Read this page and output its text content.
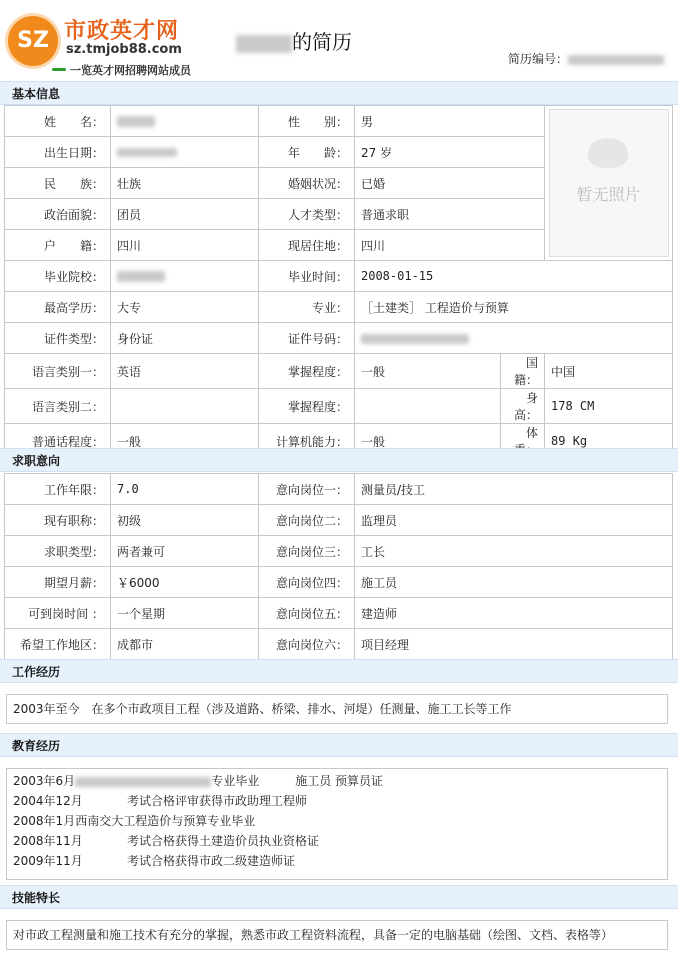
SZ 市政英才网
sz.tmjob88.com
一览英才网招聘网站成员
的简历
简历编号：
基本信息
姓　　名：		性　　别：	男		暂无照片

出生日期：		年　　龄：	27 岁		
民　　族：	壮族	婚姻状况：	已婚		
政治面貌：	团员	人才类型：	普通求职		
户　　籍：	四川	现居住地：	四川		
毕业院校：		毕业时间：	2008-01-15		
最高学历：	大专	专业：	［土建类］ 工程造价与预算		
证件类型：	身份证	证件号码：			
语言类别一：	英语	掌握程度：	一般	国籍：	中国
语言类别二：		掌握程度：		身高：	178 CM
普通话程度：	一般	计算机能力：	一般	体	89 Kg
求职意向
工作年限：	7.0	意向岗位一：	测量员/技工
现有职称：	初级	意向岗位二：	监理员
求职类型：	两者兼可	意向岗位三：	工长
期望月薪：	￥6000	意向岗位四：	施工员
可到岗时间 ：	一个星期	意向岗位五：	建造师
希望工作地区：	成都市	意向岗位六：	项目经理
工作经历
2003年至今　在多个市政项目工程（涉及道路、桥梁、排水、河堤）任测量、施工工长等工作
教育经历
2003年6月	专业毕业　　　施工员 预算员证
2004年12月	考试合格评审获得市政助理工程师
2008年1月西南交大工程造价与预算专业毕业
2008年11月	考试合格获得土建造价员执业资格证
2009年11月	考试合格获得市政二级建造师证
技能特长
对市政工程测量和施工技术有充分的掌握，熟悉市政工程资料流程，具备一定的电脑基础（绘图、文档、表格等）
